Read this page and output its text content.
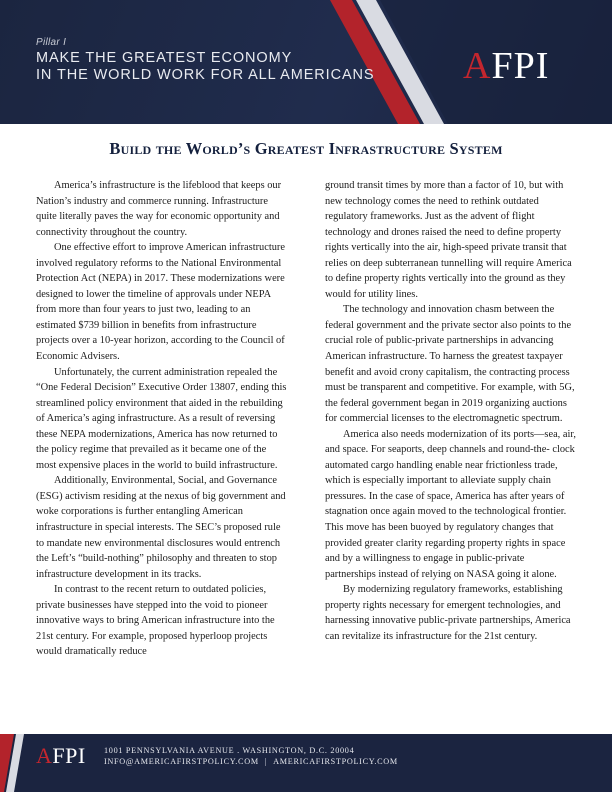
Pillar I
MAKE THE GREATEST ECONOMY
IN THE WORLD WORK FOR ALL AMERICANS AFPI
Build the World’s Greatest Infrastructure System

America’s infrastructure is the lifeblood that keeps our Nation’s industry and commerce running. Infrastructure quite literally paves the way for economic opportunity and connectivity throughout the country.

One effective effort to improve American infrastructure involved regulatory reforms to the National Environmental Protection Act (NEPA) in 2017. These modernizations were designed to lower the timeline of approvals under NEPA from more than four years to just two, leading to an estimated $739 billion in benefits from infrastructure projects over a 10-year horizon, according to the Council of Economic Advisers.

Unfortunately, the current administration repealed the “One Federal Decision” Executive Order 13807, ending this streamlined policy environment that aided in the rebuilding of America’s aging infrastructure. As a result of reversing these NEPA modernizations, America has now returned to the policy regime that prevailed as it became one of the most expensive places in the world to build infrastructure.

Additionally, Environmental, Social, and Governance (ESG) activism residing at the nexus of big government and woke corporations is further entangling American infrastructure in special interests. The SEC’s proposed rule to mandate new environmental disclosures would entrench the Left’s “build-nothing” philosophy and threaten to stop infrastructure development in its tracks.

In contrast to the recent return to outdated policies, private businesses have stepped into the void to pioneer innovative ways to bring American infrastructure into the 21st century. For example, proposed hyperloop projects would dramatically reduce

ground transit times by more than a factor of 10, but with new technology comes the need to rethink outdated regulatory frameworks. Just as the advent of flight technology and drones raised the need to define property rights vertically into the air, high-speed private transit that relies on deep subterranean tunnelling will require America to define property rights vertically into the ground as they would for utility lines.

The technology and innovation chasm between the federal government and the private sector also points to the crucial role of public-private partnerships in advancing American infrastructure. To harness the greatest taxpayer benefit and avoid crony capitalism, the contracting process must be transparent and competitive. For example, with 5G, the federal government began in 2019 organizing auctions for commercial licenses to the electromagnetic spectrum.

America also needs modernization of its ports—sea, air, and space. For seaports, deep channels and round-the- clock automated cargo handling enable near frictionless trade, which is especially important to alleviate supply chain pressures. In the case of space, America has after years of stagnation once again moved to the technological frontier. This move has been buoyed by regulatory changes that provided greater clarity regarding property rights in space and by a willingness to engage in public-private partnerships instead of relying on NASA going it alone.

By modernizing regulatory frameworks, establishing property rights necessary for emergent technologies, and harnessing innovative public-private partnerships, America can revitalize its infrastructure for the 21st century.

AFPI 1001 PENNSYLVANIA AVENUE . WASHINGTON, D.C. 20004
INFO@AMERICAFIRSTPOLICY.COM | AMERICAFIRSTPOLICY.COM
